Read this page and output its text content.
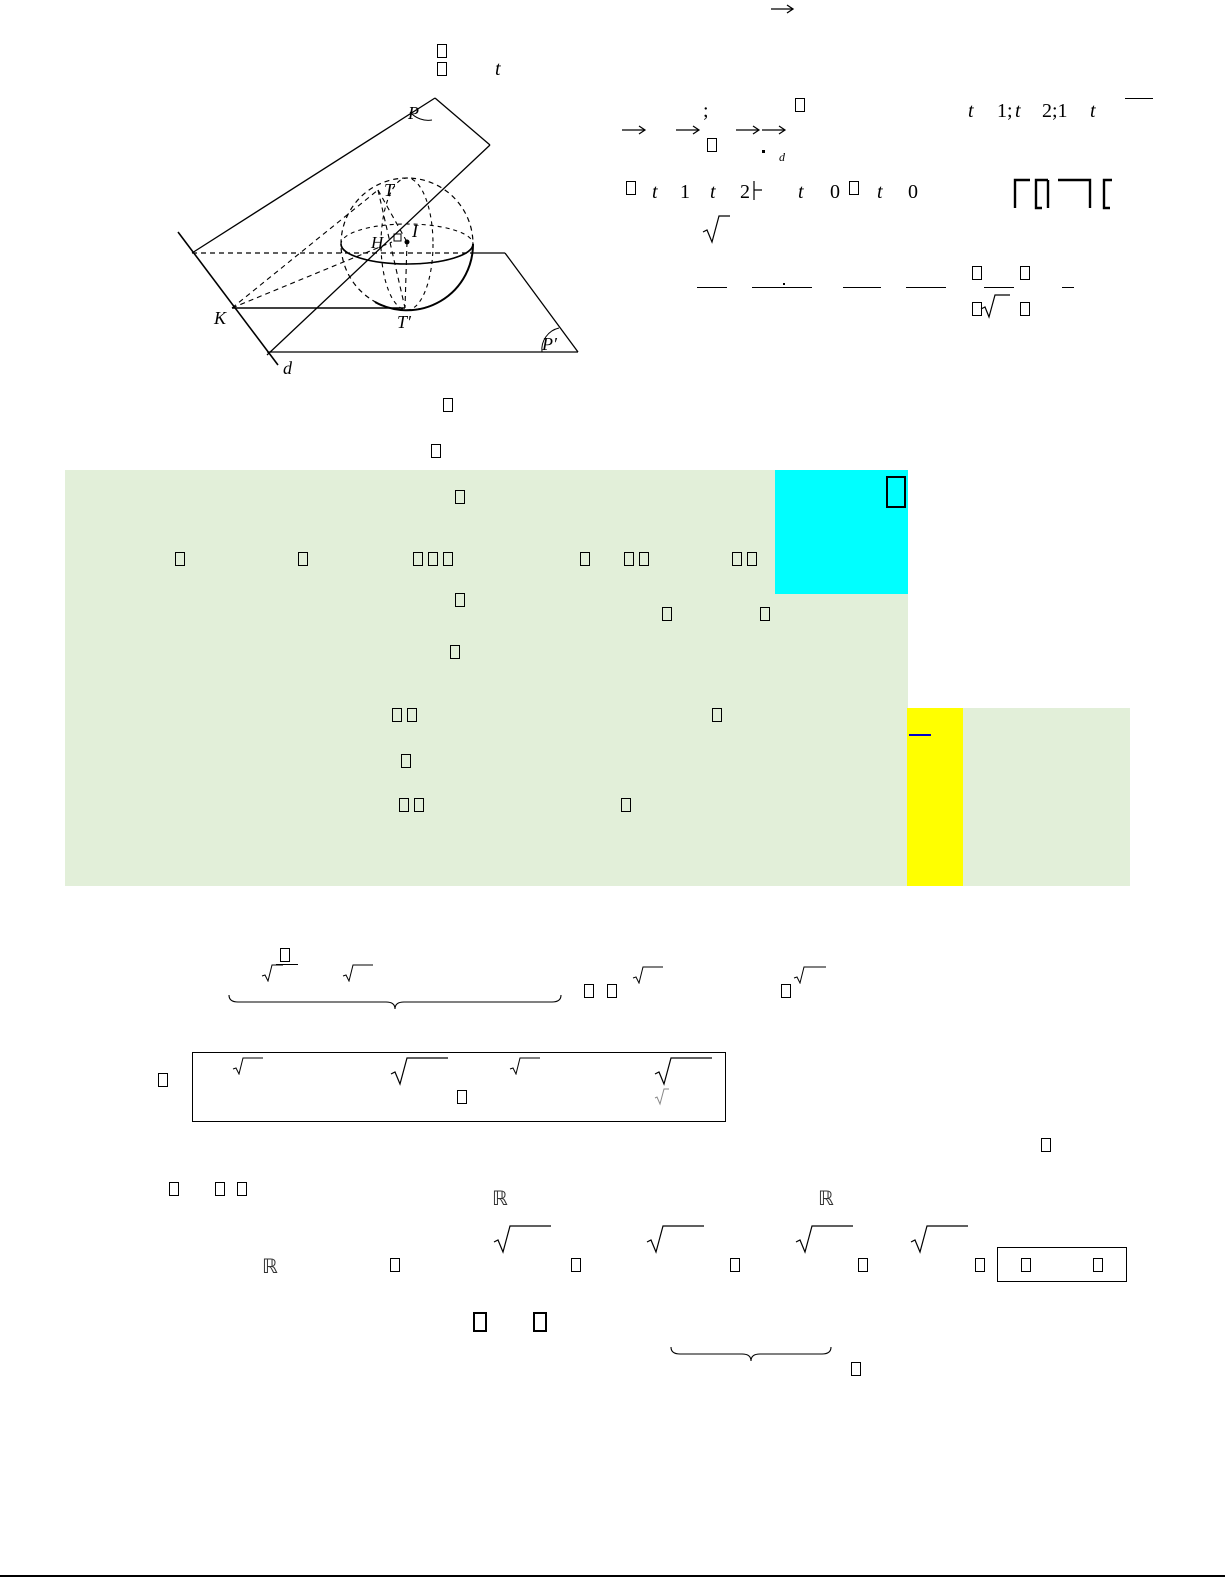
P
T
H
I
K	T′
P′
d
t
;	t 1; t 2;1 t
d
t 1 t 2 t 0 t 0
ℝ	ℝ
ℝ
